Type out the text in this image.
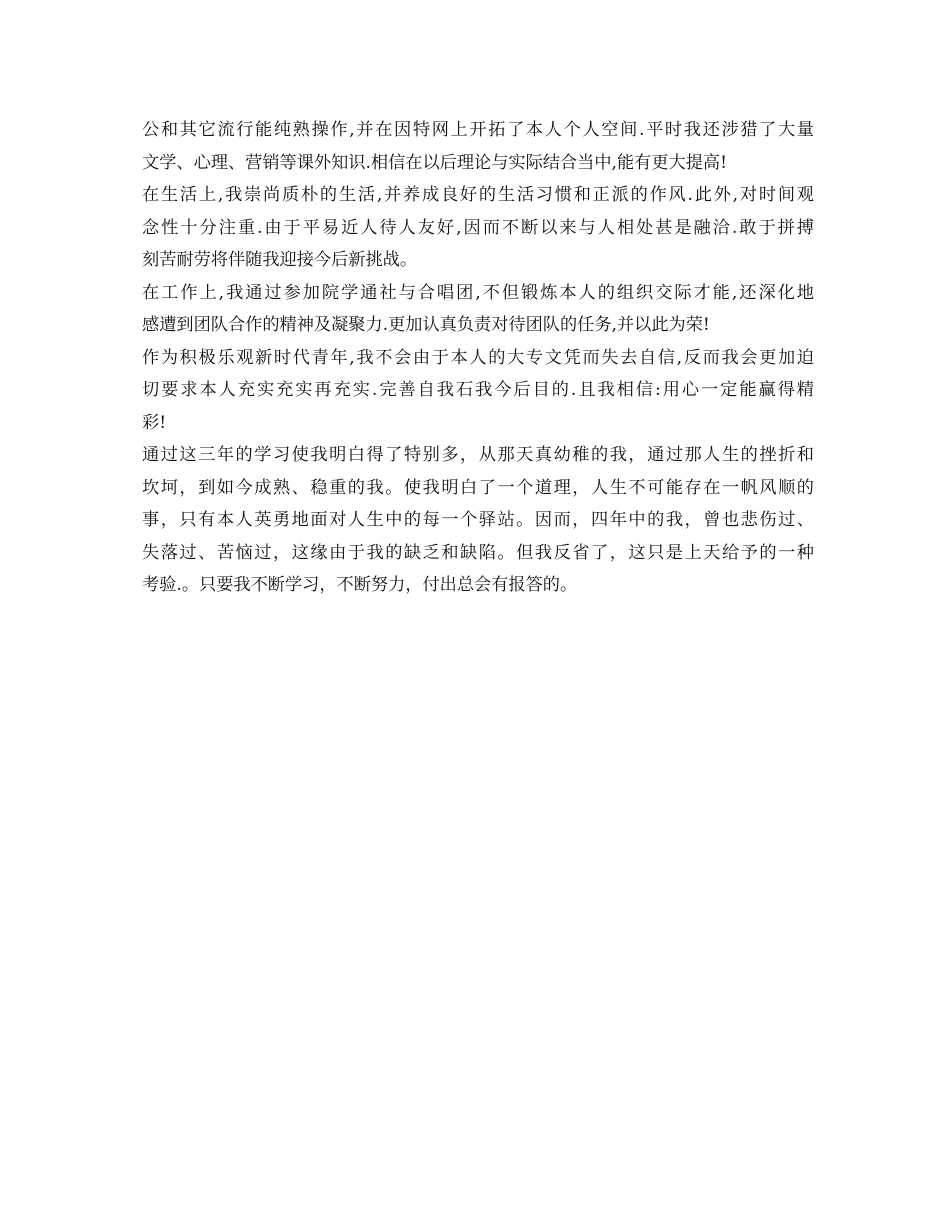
公和其它流行能纯熟操作,并在因特网上开拓了本人个人空间.平时我还涉猎了大量
文学、心理、营销等课外知识.相信在以后理论与实际结合当中,能有更大提高!
在生活上,我崇尚质朴的生活,并养成良好的生活习惯和正派的作风.此外,对时间观
念性十分注重.由于平易近人待人友好,因而不断以来与人相处甚是融洽.敢于拼搏
刻苦耐劳将伴随我迎接今后新挑战。
在工作上,我通过参加院学通社与合唱团,不但锻炼本人的组织交际才能,还深化地
感遭到团队合作的精神及凝聚力.更加认真负责对待团队的任务,并以此为荣!
作为积极乐观新时代青年,我不会由于本人的大专文凭而失去自信,反而我会更加迫
切要求本人充实充实再充实.完善自我石我今后目的.且我相信:用心一定能赢得精
彩!
通过这三年的学习使我明白得了特别多，从那天真幼稚的我，通过那人生的挫折和
坎坷，到如今成熟、稳重的我。使我明白了一个道理，人生不可能存在一帆风顺的
事，只有本人英勇地面对人生中的每一个驿站。因而，四年中的我，曾也悲伤过、
失落过、苦恼过，这缘由于我的缺乏和缺陷。但我反省了，这只是上天给予的一种
考验.。只要我不断学习，不断努力，付出总会有报答的。
